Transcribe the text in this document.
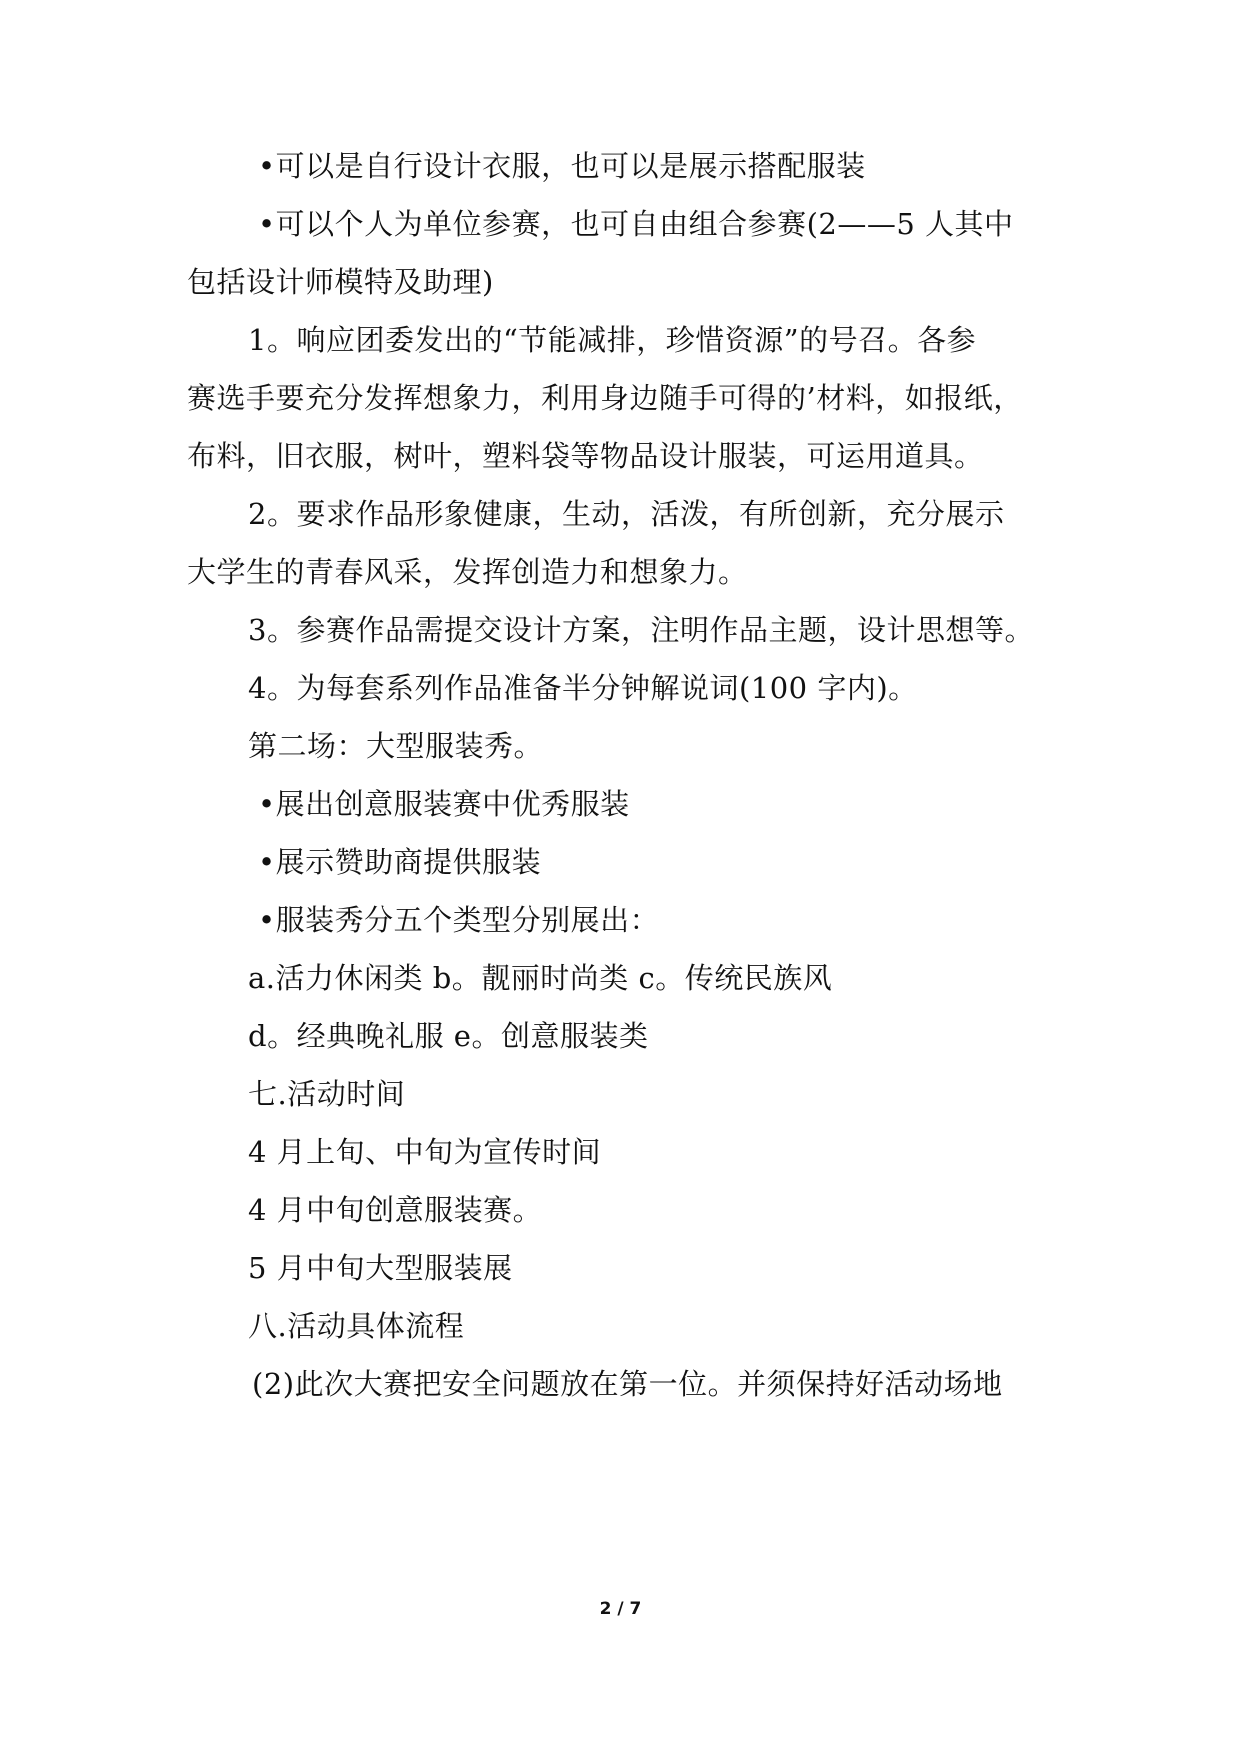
•可以是自行设计衣服，也可以是展示搭配服装
•可以个人为单位参赛，也可自由组合参赛(2——5 人其中
包括设计师模特及助理)
1。响应团委发出的“节能减排，珍惜资源”的号召。各参
赛选手要充分发挥想象力，利用身边随手可得的’材料，如报纸，
布料，旧衣服，树叶，塑料袋等物品设计服装，可运用道具。
2。要求作品形象健康，生动，活泼，有所创新，充分展示
大学生的青春风采，发挥创造力和想象力。
3。参赛作品需提交设计方案，注明作品主题，设计思想等。
4。为每套系列作品准备半分钟解说词(100 字内)。
第二场：大型服装秀。
•展出创意服装赛中优秀服装
•展示赞助商提供服装
•服装秀分五个类型分别展出：
a.活力休闲类 b。靓丽时尚类 c。传统民族风
d。经典晚礼服 e。创意服装类
七.活动时间
4 月上旬、中旬为宣传时间
4 月中旬创意服装赛。
5 月中旬大型服装展
八.活动具体流程
(2)此次大赛把安全问题放在第一位。并须保持好活动场地
2 / 7
